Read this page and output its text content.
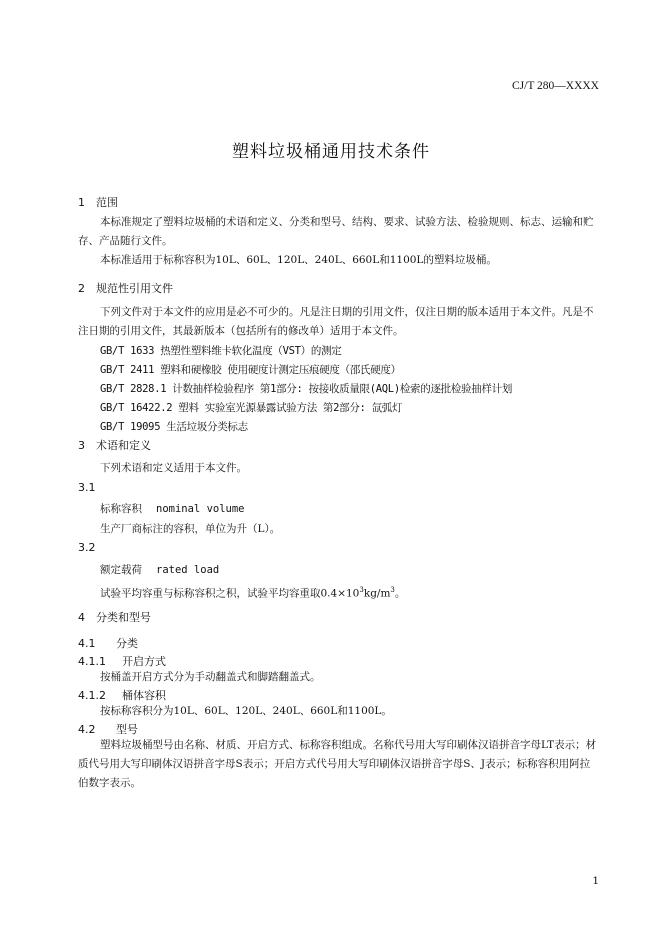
CJ/T 280—XXXX
塑料垃圾桶通用技术条件
1 范围
本标准规定了塑料垃圾桶的术语和定义、分类和型号、结构、要求、试验方法、检验规则、标志、运输和贮存、产品随行文件。
本标准适用于标称容积为10L、60L、120L、240L、660L和1100L的塑料垃圾桶。
2 规范性引用文件
下列文件对于本文件的应用是必不可少的。凡是注日期的引用文件，仅注日期的版本适用于本文件。凡是不注日期的引用文件，其最新版本（包括所有的修改单）适用于本文件。
GB/T 1633 热塑性塑料维卡软化温度（VST）的测定
GB/T 2411 塑料和硬橡胶 使用硬度计测定压痕硬度（邵氏硬度）
GB/T 2828.1 计数抽样检验程序 第1部分: 按接收质量限(AQL)检索的逐批检验抽样计划
GB/T 16422.2 塑料 实验室光源暴露试验方法 第2部分: 氙弧灯
GB/T 19095 生活垃圾分类标志
3 术语和定义
下列术语和定义适用于本文件。
3.1
标称容积 nominal volume
生产厂商标注的容积，单位为升（L）。
3.2
额定载荷 rated load
试验平均容重与标称容积之积，试验平均容重取$0.4\times 10^3kg/m^3$。
4 分类和型号
4.1 分类
4.1.1 开启方式
按桶盖开启方式分为手动翻盖式和脚踏翻盖式。
4.1.2 桶体容积
按标称容积分为10L、60L、120L、240L、660L和1100L。
4.2 型号
塑料垃圾桶型号由名称、材质、开启方式、标称容积组成。名称代号用大写印刷体汉语拼音字母LT表示；材质代号用大写印刷体汉语拼音字母S表示；开启方式代号用大写印刷体汉语拼音字母S、J表示；标称容积用阿拉伯数字表示。
1
